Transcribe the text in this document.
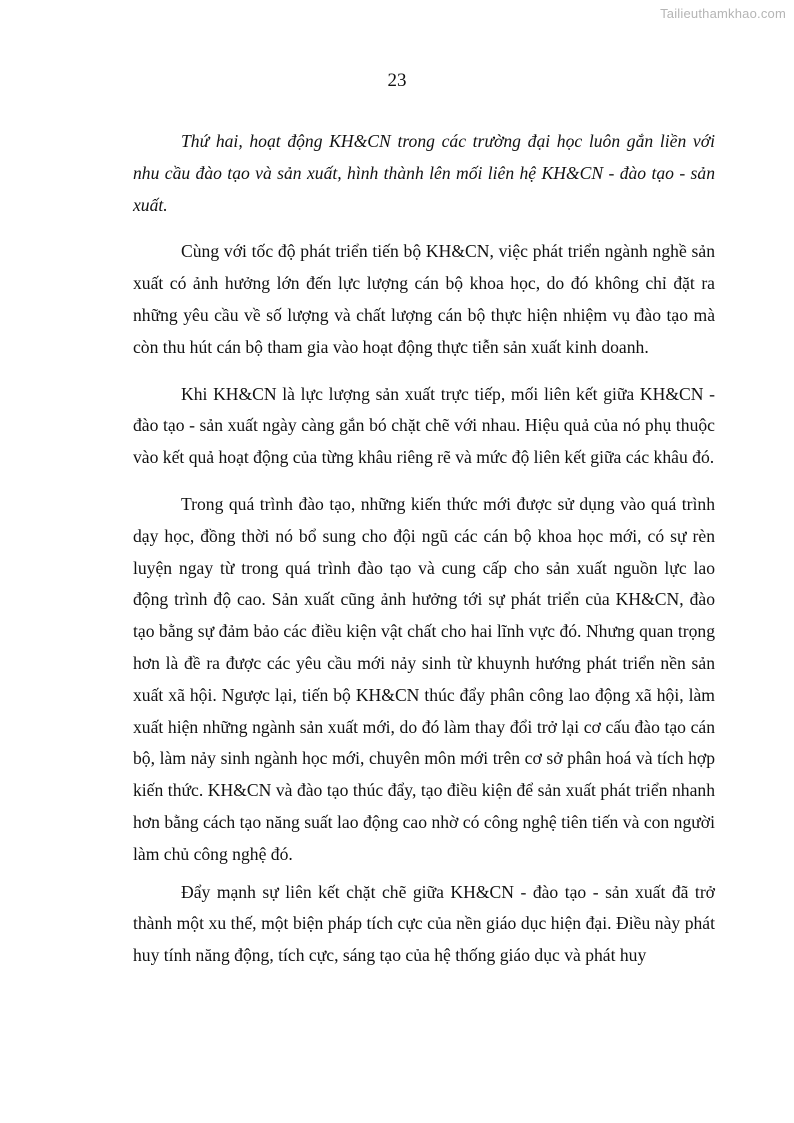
Tailieuthamkhao.com
23

Thứ hai, hoạt động KH&CN trong các trường đại học luôn gắn liền với nhu cầu đào tạo và sản xuất, hình thành lên mối liên hệ KH&CN - đào tạo - sản xuất.

Cùng với tốc độ phát triển tiến bộ KH&CN, việc phát triển ngành nghề sản xuất có ảnh hưởng lớn đến lực lượng cán bộ khoa học, do đó không chỉ đặt ra những yêu cầu về số lượng và chất lượng cán bộ thực hiện nhiệm vụ đào tạo mà còn thu hút cán bộ tham gia vào hoạt động thực tiễn sản xuất kinh doanh.

Khi KH&CN là lực lượng sản xuất trực tiếp, mối liên kết giữa KH&CN - đào tạo - sản xuất ngày càng gắn bó chặt chẽ với nhau. Hiệu quả của nó phụ thuộc vào kết quả hoạt động của từng khâu riêng rẽ và mức độ liên kết giữa các khâu đó.

Trong quá trình đào tạo, những kiến thức mới được sử dụng vào quá trình dạy học, đồng thời nó bổ sung cho đội ngũ các cán bộ khoa học mới, có sự rèn luyện ngay từ trong quá trình đào tạo và cung cấp cho sản xuất nguồn lực lao động trình độ cao. Sản xuất cũng ảnh hưởng tới sự phát triển của KH&CN, đào tạo bằng sự đảm bảo các điều kiện vật chất cho hai lĩnh vực đó. Nhưng quan trọng hơn là đề ra được các yêu cầu mới nảy sinh từ khuynh hướng phát triển nền sản xuất xã hội. Ngược lại, tiến bộ KH&CN thúc đẩy phân công lao động xã hội, làm xuất hiện những ngành sản xuất mới, do đó làm thay đổi trở lại cơ cấu đào tạo cán bộ, làm nảy sinh ngành học mới, chuyên môn mới trên cơ sở phân hoá và tích hợp kiến thức. KH&CN và đào tạo thúc đẩy, tạo điều kiện để sản xuất phát triển nhanh hơn bằng cách tạo năng suất lao động cao nhờ có công nghệ tiên tiến và con người làm chủ công nghệ đó.

Đẩy mạnh sự liên kết chặt chẽ giữa KH&CN - đào tạo - sản xuất đã trở thành một xu thế, một biện pháp tích cực của nền giáo dục hiện đại. Điều này phát huy tính năng động, tích cực, sáng tạo của hệ thống giáo dục và phát huy
